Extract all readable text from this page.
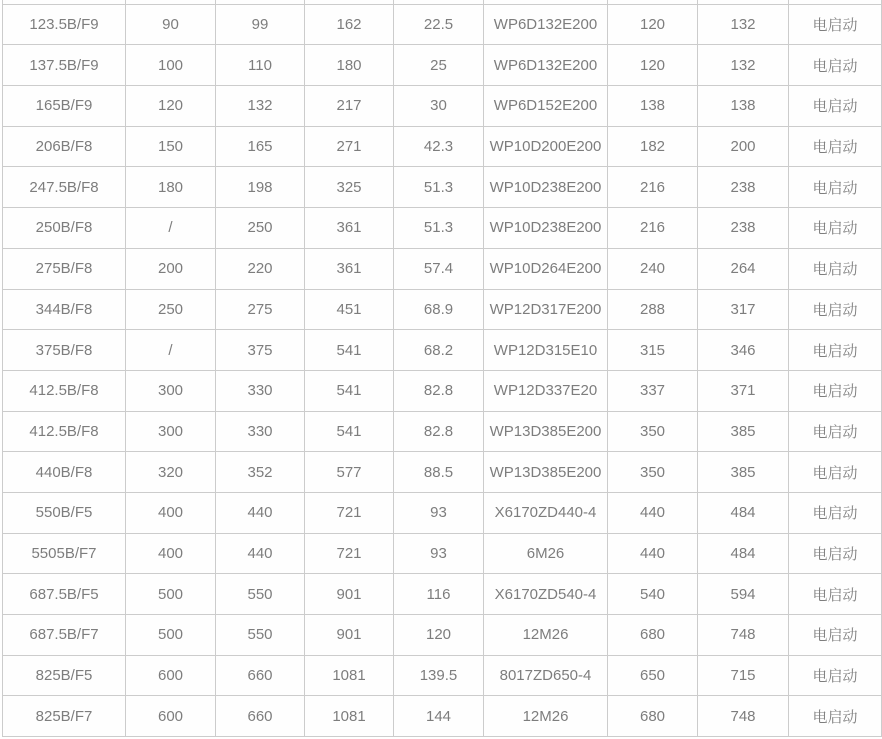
123.5B/F9	90	99	162	22.5	WP6D132E200	120	132	电启动
137.5B/F9	100	110	180	25	WP6D132E200	120	132	电启动
165B/F9	120	132	217	30	WP6D152E200	138	138	电启动
206B/F8	150	165	271	42.3	WP10D200E200	182	200	电启动
247.5B/F8	180	198	325	51.3	WP10D238E200	216	238	电启动
250B/F8	/	250	361	51.3	WP10D238E200	216	238	电启动
275B/F8	200	220	361	57.4	WP10D264E200	240	264	电启动
344B/F8	250	275	451	68.9	WP12D317E200	288	317	电启动
375B/F8	/	375	541	68.2	WP12D315E10	315	346	电启动
412.5B/F8	300	330	541	82.8	WP12D337E20	337	371	电启动
412.5B/F8	300	330	541	82.8	WP13D385E200	350	385	电启动
440B/F8	320	352	577	88.5	WP13D385E200	350	385	电启动
550B/F5	400	440	721	93	X6170ZD440-4	440	484	电启动
5505B/F7	400	440	721	93	6M26	440	484	电启动
687.5B/F5	500	550	901	116	X6170ZD540-4	540	594	电启动
687.5B/F7	500	550	901	120	12M26	680	748	电启动
825B/F5	600	660	1081	139.5	8017ZD650-4	650	715	电启动
825B/F7	600	660	1081	144	12M26	680	748	电启动
